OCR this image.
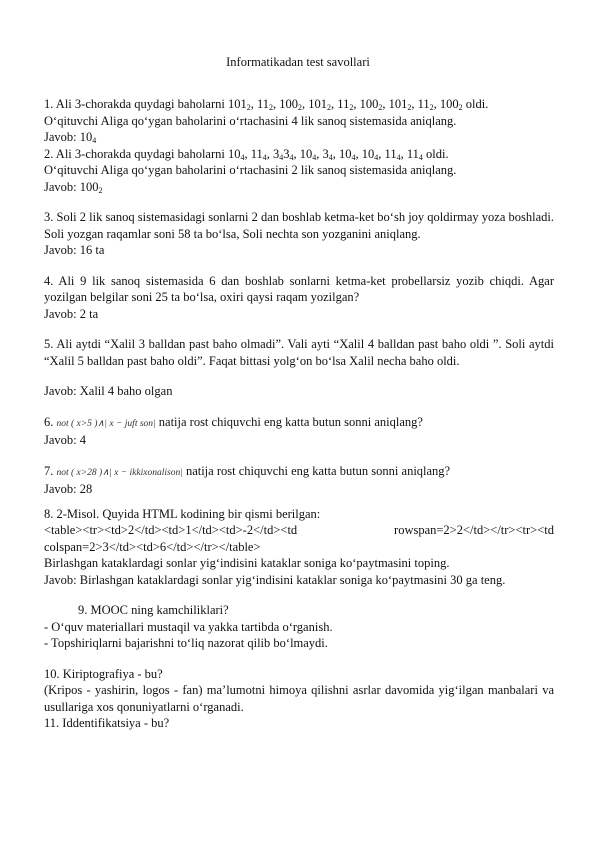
Informatikadan test savollari

1. Ali 3-chorakda quydagi baholarni $101_2$, $11_2$, $100_2$, $101_2$, $11_2$, $100_2$, $101_2$, $11_2$, $100_2$ oldi.

O‘qituvchi Aliga qo‘ygan baholarini o‘rtachasini 4 lik sanoq sistemasida aniqlang.

Javob: $10_4$

2. Ali 3-chorakda quydagi baholarni $10_4$, $11_4$, $3_43_4$, $10_4$, $3_4$, $10_4$, $10_4$, $11_4$, $11_4$ oldi.

O‘qituvchi Aliga qo‘ygan baholarini o‘rtachasini 2 lik sanoq sistemasida aniqlang.

Javob: $100_2$

3. Soli 2 lik sanoq sistemasidagi sonlarni 2 dan boshlab ketma-ket bo‘sh joy qoldirmay yoza boshladi. Soli yozgan raqamlar soni 58 ta bo‘lsa, Soli nechta son yozganini aniqlang.

Javob: 16 ta

4. Ali 9 lik sanoq sistemasida 6 dan boshlab sonlarni ketma-ket probellarsiz yozib chiqdi. Agar yozilgan belgilar soni 25 ta bo‘lsa, oxiri qaysi raqam yozilgan?

Javob: 2 ta

5. Ali aytdi “Xalil 3 balldan past baho olmadi”. Vali ayti “Xalil 4 balldan past baho oldi ”. Soli aytdi “Xalil 5 balldan past baho oldi”. Faqat bittasi yolg‘on bo‘lsa Xalil necha baho oldi.

Javob: Xalil 4 baho olgan

6. not ( x>5 )∧| x − juft son| natija rost chiquvchi eng katta butun sonni aniqlang?

Javob: 4

7. not ( x>28 )∧| x − ikkixonalison| natija rost chiquvchi eng katta butun sonni aniqlang?

Javob: 28

8. 2-Misol. Quyida HTML kodining bir qismi berilgan:

<table><tr><td>2</td><td>1</td><td>-2</td><td	rowspan=2>2</td></tr><tr><td

colspan=2>3</td><td>6</td></tr></table>

Birlashgan kataklardagi sonlar yig‘indisini kataklar soniga ko‘paytmasini toping.

Javob: Birlashgan kataklardagi sonlar yig‘indisini kataklar soniga ko‘paytmasini 30 ga teng.

9. MOOC ning kamchiliklari?

- O‘quv materiallari mustaqil va yakka tartibda o‘rganish.

- Topshiriqlarni bajarishni to‘liq nazorat qilib bo‘lmaydi.

10. Kiriptografiya - bu?

(Kripos - yashirin, logos - fan) ma’lumotni himoya qilishni asrlar davomida yig‘ilgan manbalari va usullariga xos qonuniyatlarni o‘rganadi.

11. Iddentifikatsiya - bu?
